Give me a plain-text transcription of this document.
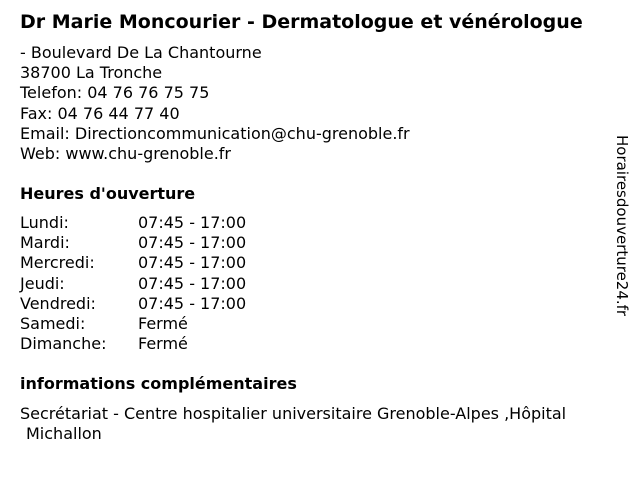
Dr Marie Moncourier - Dermatologue et vénérologue
- Boulevard De La Chantourne
38700 La Tronche
Telefon: 04 76 76 75 75
Fax: 04 76 44 77 40
Email: Directioncommunication@chu-grenoble.fr
Web: www.chu-grenoble.fr
Heures d'ouverture
Lundi:	07:45 - 17:00
Mardi:	07:45 - 17:00
Mercredi:	07:45 - 17:00
Jeudi:	07:45 - 17:00
Vendredi:	07:45 - 17:00
Samedi:	Fermé
Dimanche: Fermé
informations complémentaires
Secrétariat - Centre hospitalier universitaire Grenoble-Alpes ,Hôpital
Michallon
Horairesdouverture24.fr
